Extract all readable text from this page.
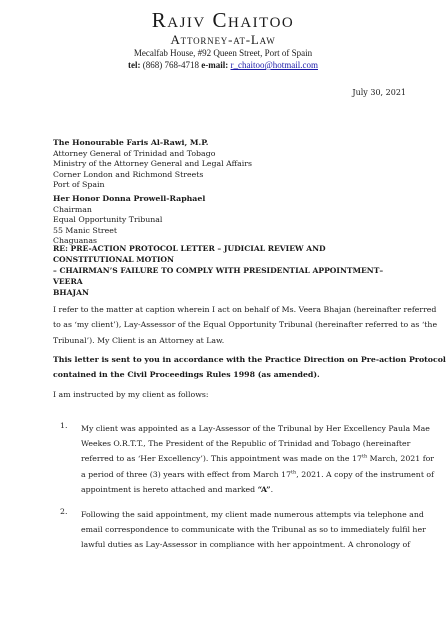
Rajiv Chaitoo
Attorney-at-Law
Mecalfab House, #92 Queen Street, Port of Spain
tel: (868) 768-4718 e-mail: r_chaitoo@hotmail.com
July 30, 2021
The Honourable Faris Al-Rawi, M.P.
Attorney General of Trinidad and Tobago
Ministry of the Attorney General and Legal Affairs
Corner London and Richmond Streets
Port of Spain
Her Honor Donna Prowell-Raphael
Chairman
Equal Opportunity Tribunal
55 Manic Street
Chaguanas
RE: PRE-ACTION PROTOCOL LETTER – JUDICIAL REVIEW AND CONSTITUTIONAL MOTION
– CHAIRMAN’S FAILURE TO COMPLY WITH PRESIDENTIAL APPOINTMENT– VEERA
BHAJAN
I refer to the matter at caption wherein I act on behalf of Ms. Veera Bhajan (hereinafter referred
to as ‘my client’), Lay-Assessor of the Equal Opportunity Tribunal (hereinafter referred to as ‘the
Tribunal’). My Client is an Attorney at Law.
This letter is sent to you in accordance with the Practice Direction on Pre-action Protocol
contained in the Civil Proceedings Rules 1998 (as amended).
I am instructed by my client as follows:
1.	My client was appointed as a Lay-Assessor of the Tribunal by Her Excellency Paula Mae
Weekes O.R.T.T., The President of the Republic of Trinidad and Tobago (hereinafter
referred to as ‘Her Excellency’). This appointment was made on the 17th March, 2021 for
a period of three (3) years with effect from March 17th, 2021. A copy of the instrument of
appointment is hereto attached and marked “A”.
2.	Following the said appointment, my client made numerous attempts via telephone and
email correspondence to communicate with the Tribunal as so to immediately fulfil her
lawful duties as Lay-Assessor in compliance with her appointment. A chronology of
